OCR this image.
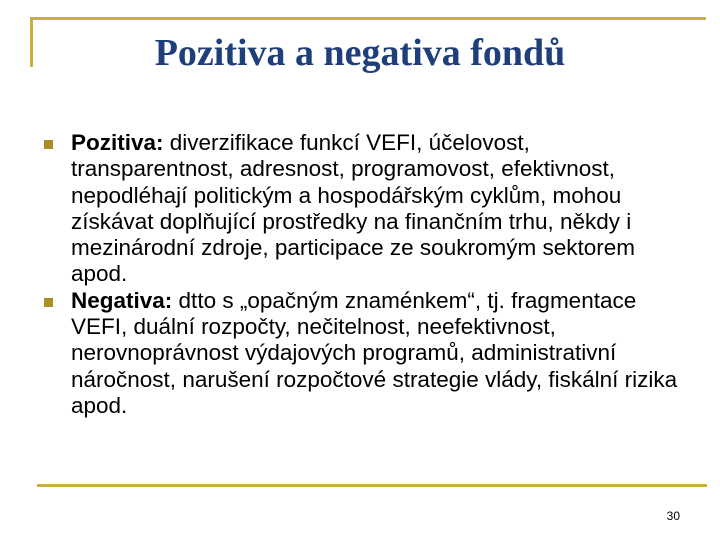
Pozitiva a negativa fondů
Pozitiva: diverzifikace funkcí VEFI, účelovost, transparentnost, adresnost, programovost, efektivnost, nepodléhají politickým a hospodářským cyklům, mohou získávat doplňující prostředky na finančním trhu, někdy i mezinárodní zdroje, participace ze soukromým sektorem apod.
Negativa: dtto s „opačným znaménkem“, tj. fragmentace VEFI, duální rozpočty, nečitelnost, neefektivnost, nerovnoprávnost výdajových programů, administrativní náročnost, narušení rozpočtové strategie vlády, fiskální rizika apod.
30
